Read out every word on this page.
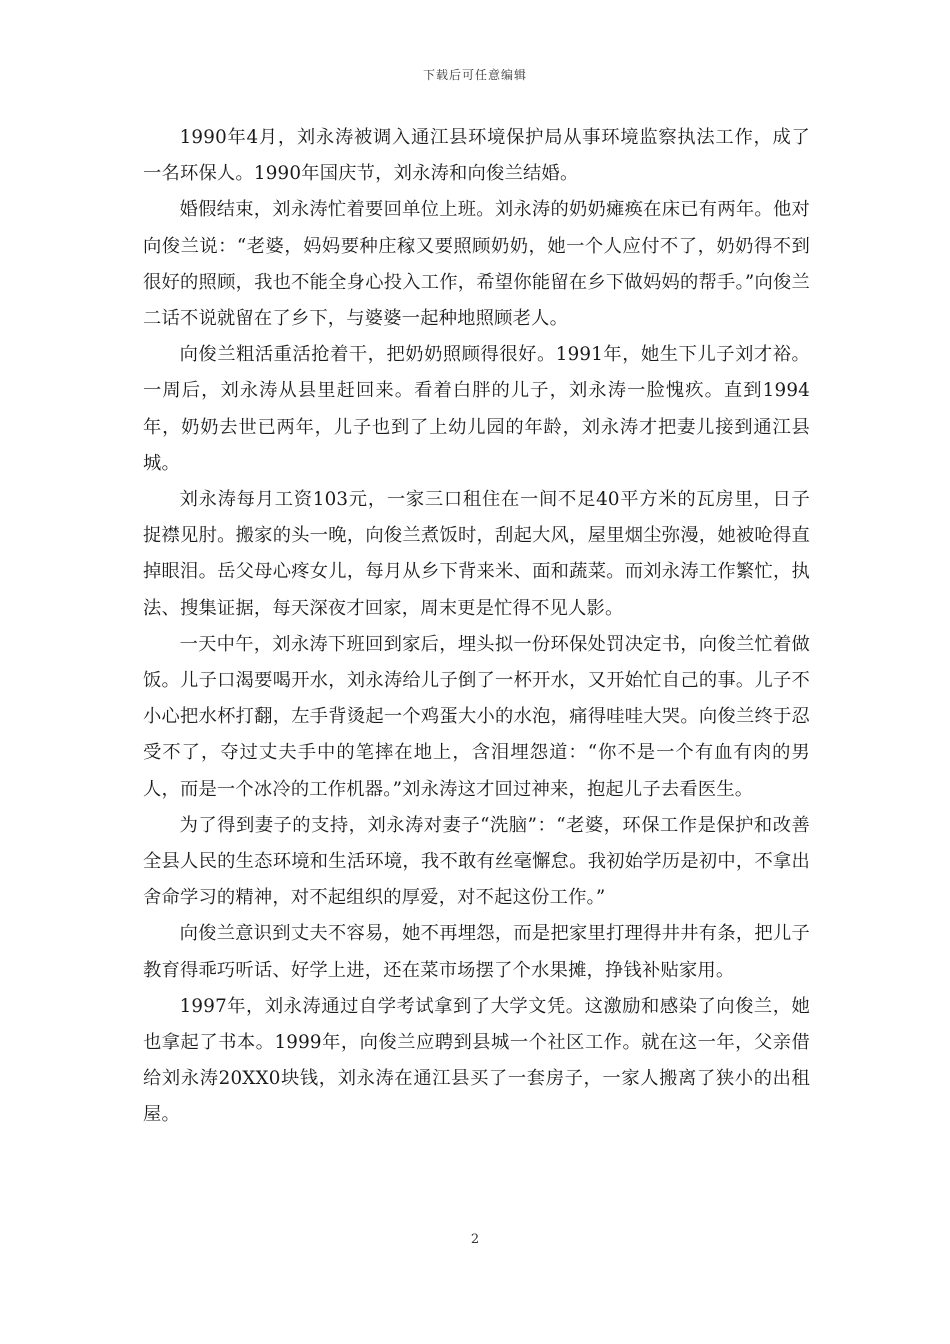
下载后可任意编辑

1990年4月，刘永涛被调入通江县环境保护局从事环境监察执法工作，成了一名环保人。1990年国庆节，刘永涛和向俊兰结婚。

婚假结束，刘永涛忙着要回单位上班。刘永涛的奶奶瘫痪在床已有两年。他对向俊兰说：“老婆，妈妈要种庄稼又要照顾奶奶，她一个人应付不了，奶奶得不到很好的照顾，我也不能全身心投入工作，希望你能留在乡下做妈妈的帮手。”向俊兰二话不说就留在了乡下，与婆婆一起种地照顾老人。

向俊兰粗活重活抢着干，把奶奶照顾得很好。1991年，她生下儿子刘才裕。一周后，刘永涛从县里赶回来。看着白胖的儿子，刘永涛一脸愧疚。直到1994年，奶奶去世已两年，儿子也到了上幼儿园的年龄，刘永涛才把妻儿接到通江县城。

刘永涛每月工资103元，一家三口租住在一间不足40平方米的瓦房里，日子捉襟见肘。搬家的头一晚，向俊兰煮饭时，刮起大风，屋里烟尘弥漫，她被呛得直掉眼泪。岳父母心疼女儿，每月从乡下背来米、面和蔬菜。而刘永涛工作繁忙，执法、搜集证据，每天深夜才回家，周末更是忙得不见人影。

一天中午，刘永涛下班回到家后，埋头拟一份环保处罚决定书，向俊兰忙着做饭。儿子口渴要喝开水，刘永涛给儿子倒了一杯开水，又开始忙自己的事。儿子不小心把水杯打翻，左手背烫起一个鸡蛋大小的水泡，痛得哇哇大哭。向俊兰终于忍受不了，夺过丈夫手中的笔摔在地上，含泪埋怨道：“你不是一个有血有肉的男人，而是一个冰冷的工作机器。”刘永涛这才回过神来，抱起儿子去看医生。

为了得到妻子的支持，刘永涛对妻子“洗脑”：“老婆，环保工作是保护和改善全县人民的生态环境和生活环境，我不敢有丝毫懈怠。我初始学历是初中，不拿出舍命学习的精神，对不起组织的厚爱，对不起这份工作。”

向俊兰意识到丈夫不容易，她不再埋怨，而是把家里打理得井井有条，把儿子教育得乖巧听话、好学上进，还在菜市场摆了个水果摊，挣钱补贴家用。

1997年，刘永涛通过自学考试拿到了大学文凭。这激励和感染了向俊兰，她也拿起了书本。1999年，向俊兰应聘到县城一个社区工作。就在这一年，父亲借给刘永涛20XX0块钱，刘永涛在通江县买了一套房子，一家人搬离了狭小的出租屋。

2
